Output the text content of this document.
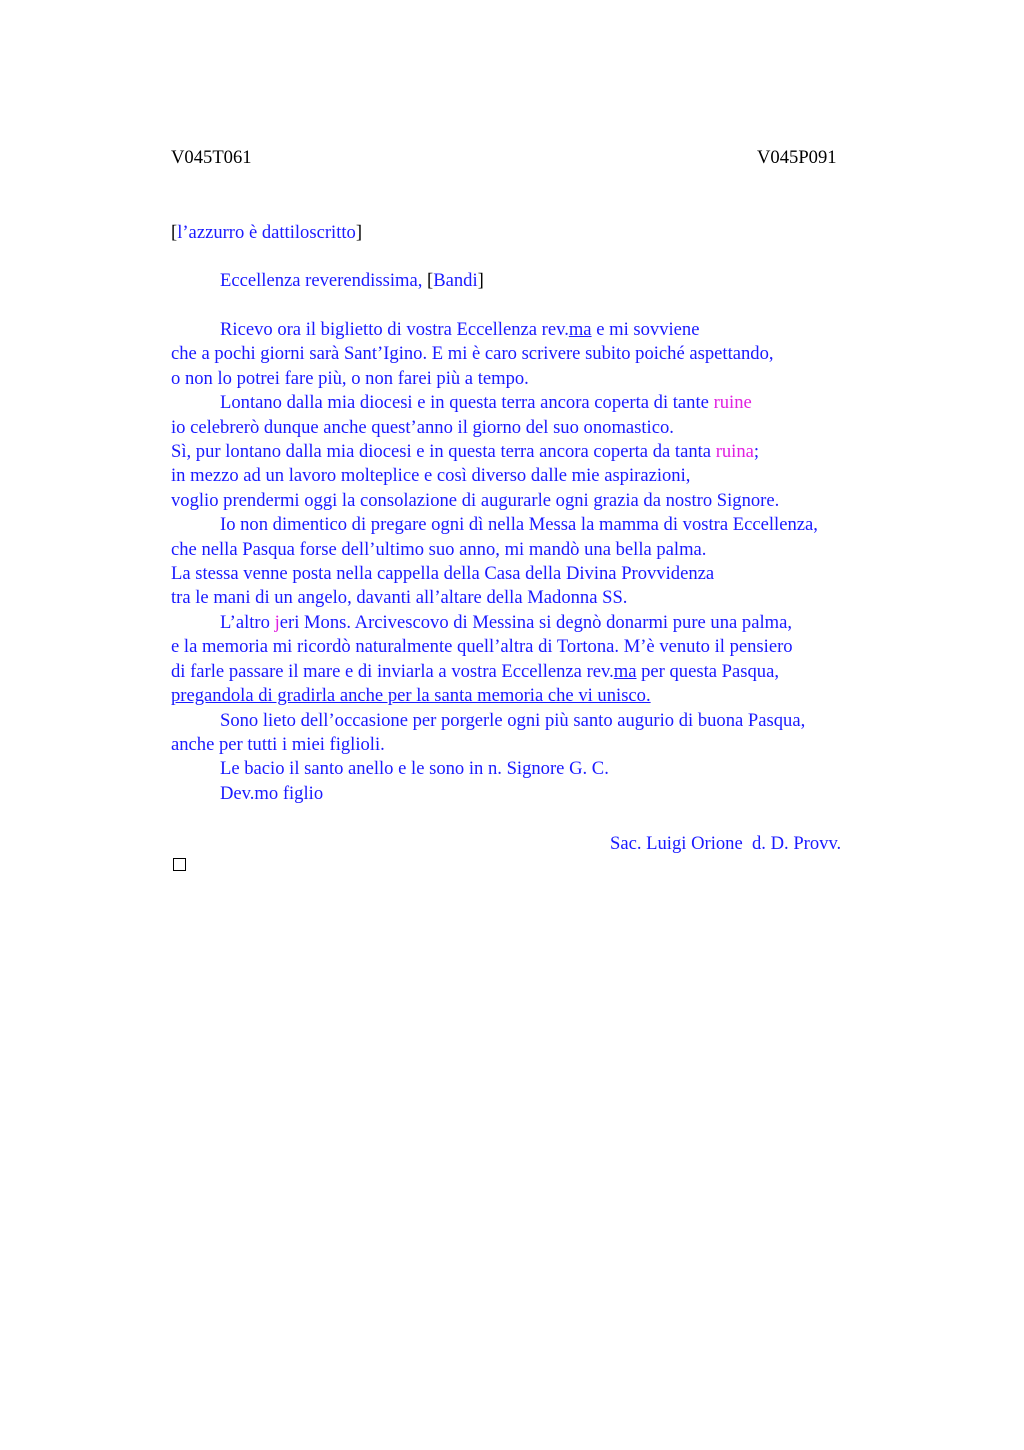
V045T061	V045P091
[l’azzurro è dattiloscritto]
Eccellenza reverendissima, [Bandi]
Ricevo ora il biglietto di vostra Eccellenza rev.ma e mi sovviene
che a pochi giorni sarà Sant’Igino. E mi è caro scrivere subito poiché aspettando,
o non lo potrei fare più, o non farei più a tempo.
Lontano dalla mia diocesi e in questa terra ancora coperta di tante ruine
io celebrerò dunque anche quest’anno il giorno del suo onomastico.
Sì, pur lontano dalla mia diocesi e in questa terra ancora coperta da tanta ruina;
in mezzo ad un lavoro molteplice e così diverso dalle mie aspirazioni,
voglio prendermi oggi la consolazione di augurarle ogni grazia da nostro Signore.
Io non dimentico di pregare ogni dì nella Messa la mamma di vostra Eccellenza,
che nella Pasqua forse dell’ultimo suo anno, mi mandò una bella palma.
La stessa venne posta nella cappella della Casa della Divina Provvidenza
tra le mani di un angelo, davanti all’altare della Madonna SS.
L’altro jeri Mons. Arcivescovo di Messina si degnò donarmi pure una palma,
e la memoria mi ricordò naturalmente quell’altra di Tortona. M’è venuto il pensiero
di farle passare il mare e di inviarla a vostra Eccellenza rev.ma per questa Pasqua,
pregandola di gradirla anche per la santa memoria che vi unisco.
Sono lieto dell’occasione per porgerle ogni più santo augurio di buona Pasqua,
anche per tutti i miei figlioli.
Le bacio il santo anello e le sono in n. Signore G. C.
Dev.mo figlio
Sac. Luigi Orione  d. D. Provv.
